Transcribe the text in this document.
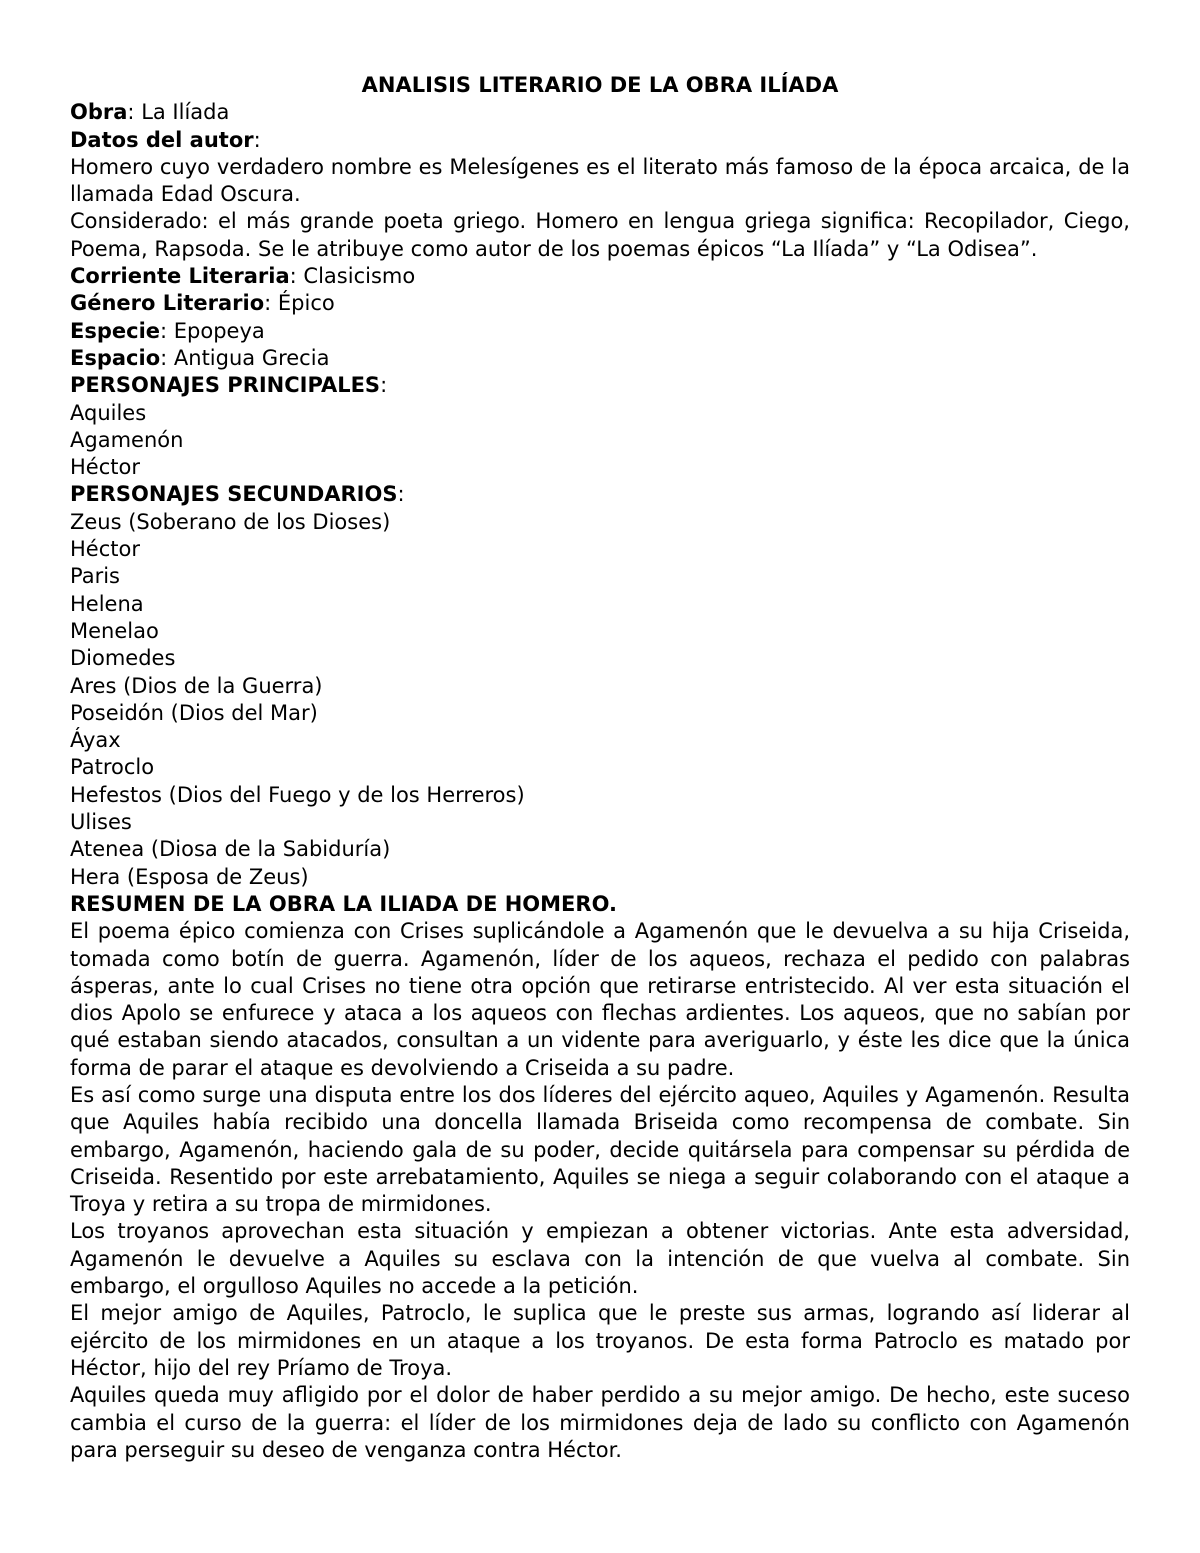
ANALISIS LITERARIO DE LA OBRA ILÍADA

Obra: La Ilíada

Datos del autor:

Homero cuyo verdadero nombre es Melesígenes es el literato más famoso de la época arcaica, de la llamada Edad Oscura.

Considerado: el más grande poeta griego. Homero en lengua griega significa: Recopilador, Ciego, Poema, Rapsoda. Se le atribuye como autor de los poemas épicos “La Ilíada” y “La Odisea”.

Corriente Literaria: Clasicismo

Género Literario: Épico

Especie: Epopeya

Espacio: Antigua Grecia

PERSONAJES PRINCIPALES:

Aquiles
Agamenón
Héctor

PERSONAJES SECUNDARIOS:

Zeus (Soberano de los Dioses)
Héctor
Paris
Helena
Menelao
Diomedes
Ares (Dios de la Guerra)
Poseidón (Dios del Mar)
Áyax
Patroclo
Hefestos (Dios del Fuego y de los Herreros)
Ulises
Atenea (Diosa de la Sabiduría)
Hera (Esposa de Zeus)

RESUMEN DE LA OBRA LA ILIADA DE HOMERO.

El poema épico comienza con Crises suplicándole a Agamenón que le devuelva a su hija Criseida, tomada como botín de guerra. Agamenón, líder de los aqueos, rechaza el pedido con palabras ásperas, ante lo cual Crises no tiene otra opción que retirarse entristecido. Al ver esta situación el dios Apolo se enfurece y ataca a los aqueos con flechas ardientes. Los aqueos, que no sabían por qué estaban siendo atacados, consultan a un vidente para averiguarlo, y éste les dice que la única forma de parar el ataque es devolviendo a Criseida a su padre.

Es así como surge una disputa entre los dos líderes del ejército aqueo, Aquiles y Agamenón. Resulta que Aquiles había recibido una doncella llamada Briseida como recompensa de combate. Sin embargo, Agamenón, haciendo gala de su poder, decide quitársela para compensar su pérdida de Criseida. Resentido por este arrebatamiento, Aquiles se niega a seguir colaborando con el ataque a Troya y retira a su tropa de mirmidones.

Los troyanos aprovechan esta situación y empiezan a obtener victorias. Ante esta adversidad, Agamenón le devuelve a Aquiles su esclava con la intención de que vuelva al combate. Sin embargo, el orgulloso Aquiles no accede a la petición.

El mejor amigo de Aquiles, Patroclo, le suplica que le preste sus armas, logrando así liderar al ejército de los mirmidones en un ataque a los troyanos. De esta forma Patroclo es matado por Héctor, hijo del rey Príamo de Troya.

Aquiles queda muy afligido por el dolor de haber perdido a su mejor amigo. De hecho, este suceso cambia el curso de la guerra: el líder de los mirmidones deja de lado su conflicto con Agamenón para perseguir su deseo de venganza contra Héctor.
